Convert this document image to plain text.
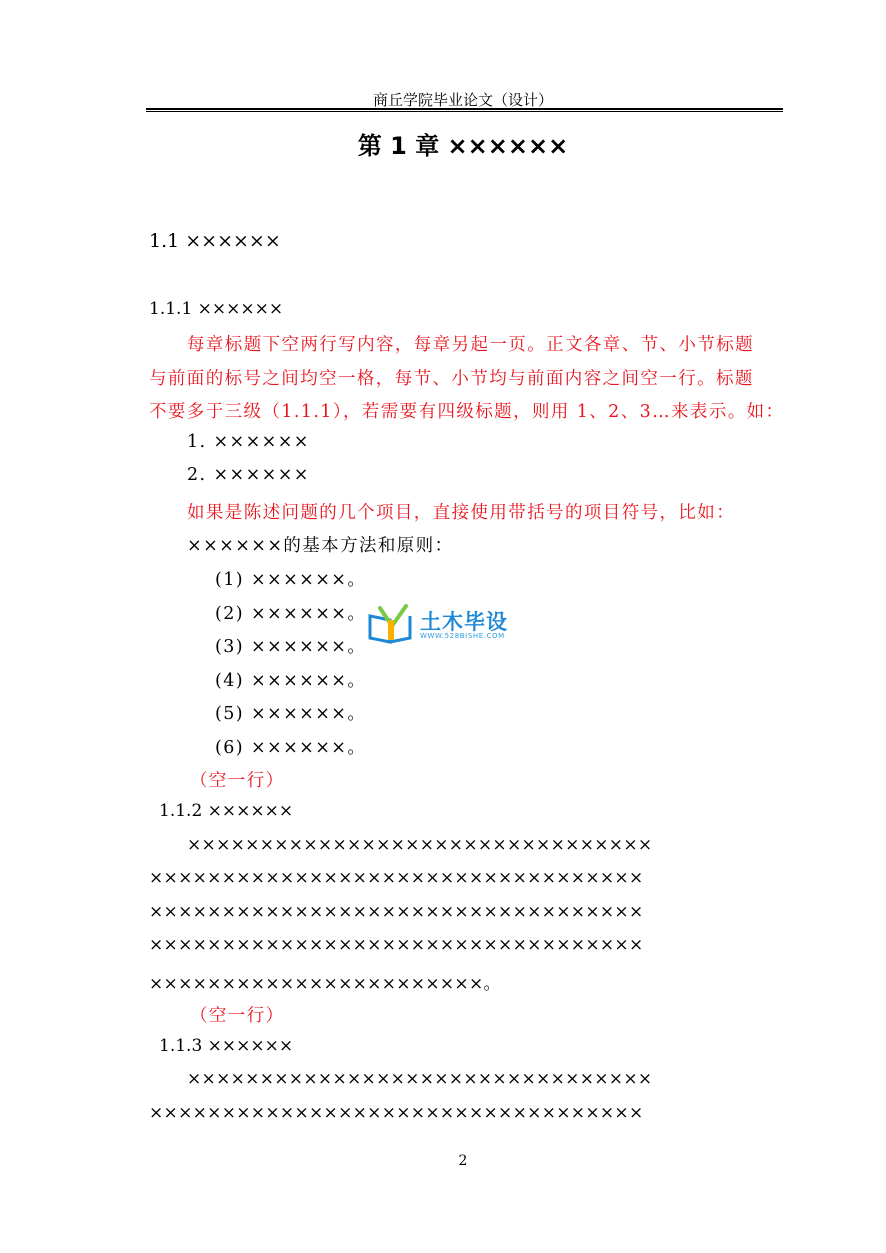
商丘学院毕业论文（设计）
第 1 章 ××××××
1.1 ××××××
1.1.1 ××××××
每章标题下空两行写内容，每章另起一页。正文各章、节、小节标题
与前面的标号之间均空一格，每节、小节均与前面内容之间空一行。标题
不要多于三级（1.1.1），若需要有四级标题，则用 1、2、3…来表示。如：
1. ××××××
2. ××××××
如果是陈述问题的几个项目，直接使用带括号的项目符号，比如：
××××××的基本方法和原则：
(1) ××××××。
(2) ××××××。
(3) ××××××。
(4) ××××××。
(5) ××××××。
(6) ××××××。
（空一行）
1.1.2 ××××××
××××××××××××××××××××××××××××××××
××××××××××××××××××××××××××××××××××
××××××××××××××××××××××××××××××××××
××××××××××××××××××××××××××××××××××
×××××××××××××××××××××××。
（空一行）
1.1.3 ××××××
××××××××××××××××××××××××××××××××
××××××××××××××××××××××××××××××××××
土木毕设
WWW.528BISHE.COM
2
